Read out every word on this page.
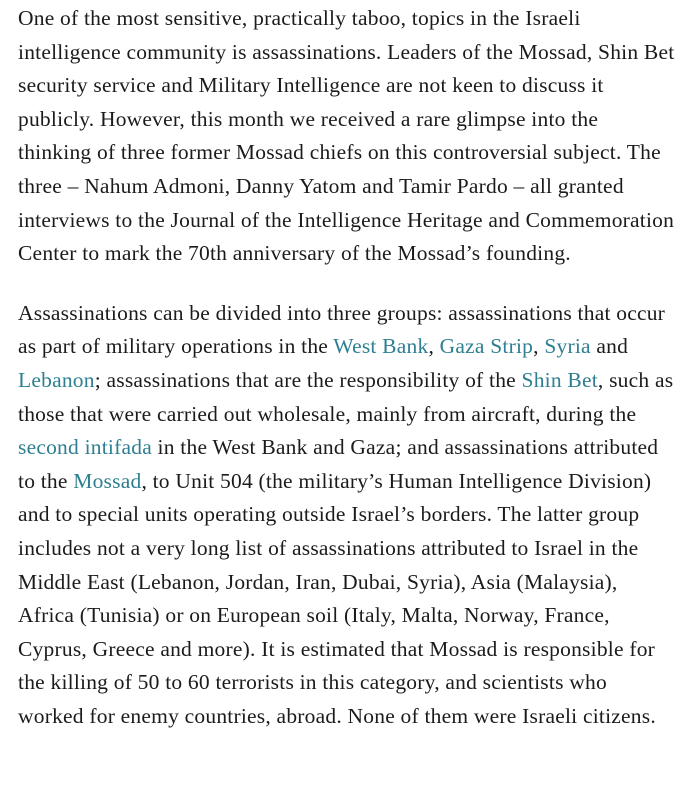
One of the most sensitive, practically taboo, topics in the Israeli intelligence community is assassinations. Leaders of the Mossad, Shin Bet security service and Military Intelligence are not keen to discuss it publicly. However, this month we received a rare glimpse into the thinking of three former Mossad chiefs on this controversial subject. The three – Nahum Admoni, Danny Yatom and Tamir Pardo – all granted interviews to the Journal of the Intelligence Heritage and Commemoration Center to mark the 70th anniversary of the Mossad’s founding.

Assassinations can be divided into three groups: assassinations that occur as part of military operations in the West Bank, Gaza Strip, Syria and Lebanon; assassinations that are the responsibility of the Shin Bet, such as those that were carried out wholesale, mainly from aircraft, during the second intifada in the West Bank and Gaza; and assassinations attributed to the Mossad, to Unit 504 (the military’s Human Intelligence Division) and to special units operating outside Israel’s borders. The latter group includes not a very long list of assassinations attributed to Israel in the Middle East (Lebanon, Jordan, Iran, Dubai, Syria), Asia (Malaysia), Africa (Tunisia) or on European soil (Italy, Malta, Norway, France, Cyprus, Greece and more). It is estimated that Mossad is responsible for the killing of 50 to 60 terrorists in this category, and scientists who worked for enemy countries, abroad. None of them were Israeli citizens.
